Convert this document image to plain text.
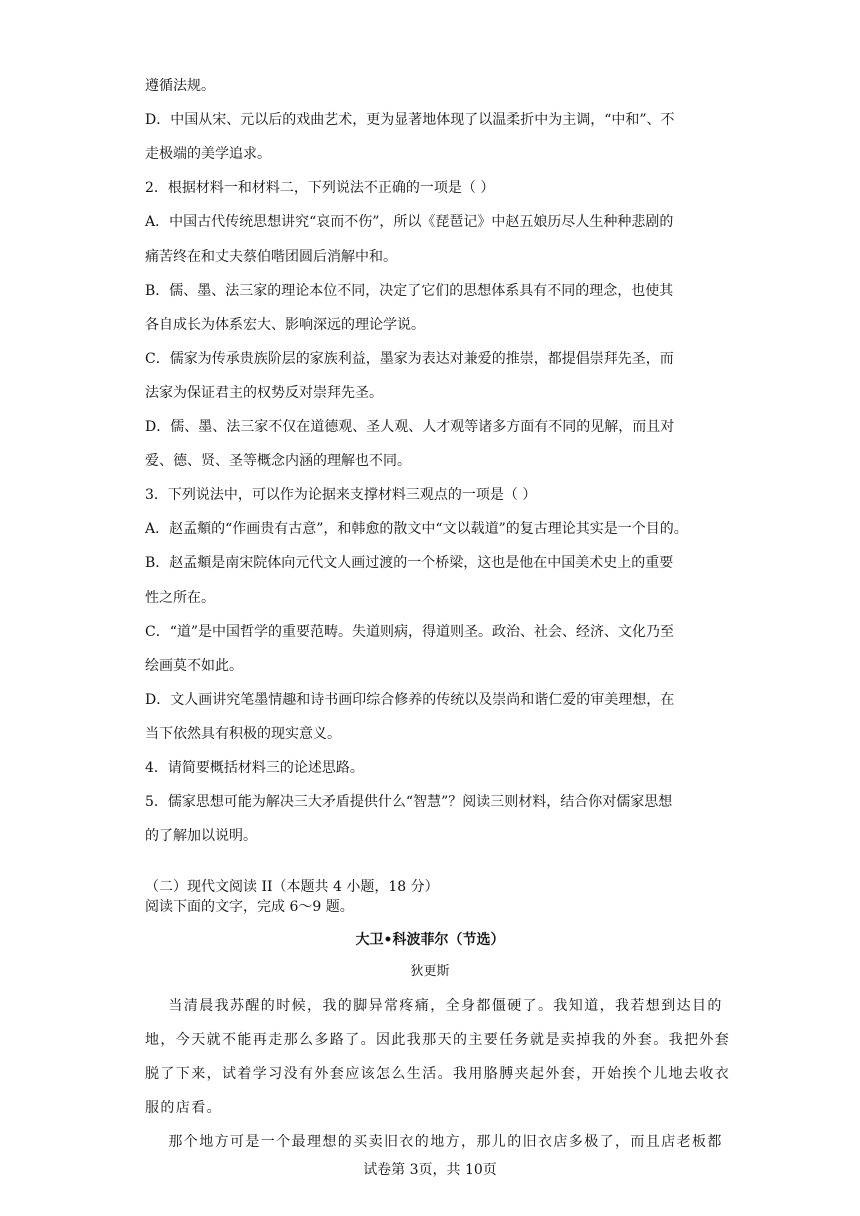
遵循法规。
D．中国从宋、元以后的戏曲艺术，更为显著地体现了以温柔折中为主调，“中和”、不
走极端的美学追求。
2．根据材料一和材料二，下列说法不正确的一项是（ ）
A．中国古代传统思想讲究“哀而不伤”，所以《琵琶记》中赵五娘历尽人生种种悲剧的
痛苦终在和丈夫蔡伯喈团圆后消解中和。
B．儒、墨、法三家的理论本位不同，决定了它们的思想体系具有不同的理念，也使其
各自成长为体系宏大、影响深远的理论学说。
C．儒家为传承贵族阶层的家族利益，墨家为表达对兼爱的推崇，都提倡崇拜先圣，而
法家为保证君主的权势反对崇拜先圣。
D．儒、墨、法三家不仅在道德观、圣人观、人才观等诸多方面有不同的见解，而且对
爱、德、贤、圣等概念内涵的理解也不同。
3．下列说法中，可以作为论据来支撑材料三观点的一项是（ ）
A．赵孟頫的“作画贵有古意”，和韩愈的散文中“文以载道”的复古理论其实是一个目的。
B．赵孟頫是南宋院体向元代文人画过渡的一个桥梁，这也是他在中国美术史上的重要
性之所在。
C．“道”是中国哲学的重要范畴。失道则病，得道则圣。政治、社会、经济、文化乃至
绘画莫不如此。
D．文人画讲究笔墨情趣和诗书画印综合修养的传统以及崇尚和谐仁爱的审美理想，在
当下依然具有积极的现实意义。
4．请简要概括材料三的论述思路。
5．儒家思想可能为解决三大矛盾提供什么“智慧”？阅读三则材料，结合你对儒家思想
的了解加以说明。
（二）现代文阅读 II（本题共 4 小题，18 分）
阅读下面的文字，完成 6～9 题。
大卫•科波菲尔（节选）
狄更斯
当清晨我苏醒的时候，我的脚异常疼痛，全身都僵硬了。我知道，我若想到达目的
地，今天就不能再走那么多路了。因此我那天的主要任务就是卖掉我的外套。我把外套
脱了下来，试着学习没有外套应该怎么生活。我用胳膊夹起外套，开始挨个儿地去收衣
服的店看。
那个地方可是一个最理想的买卖旧衣的地方，那儿的旧衣店多极了，而且店老板都
试卷第 3页，共 10页
